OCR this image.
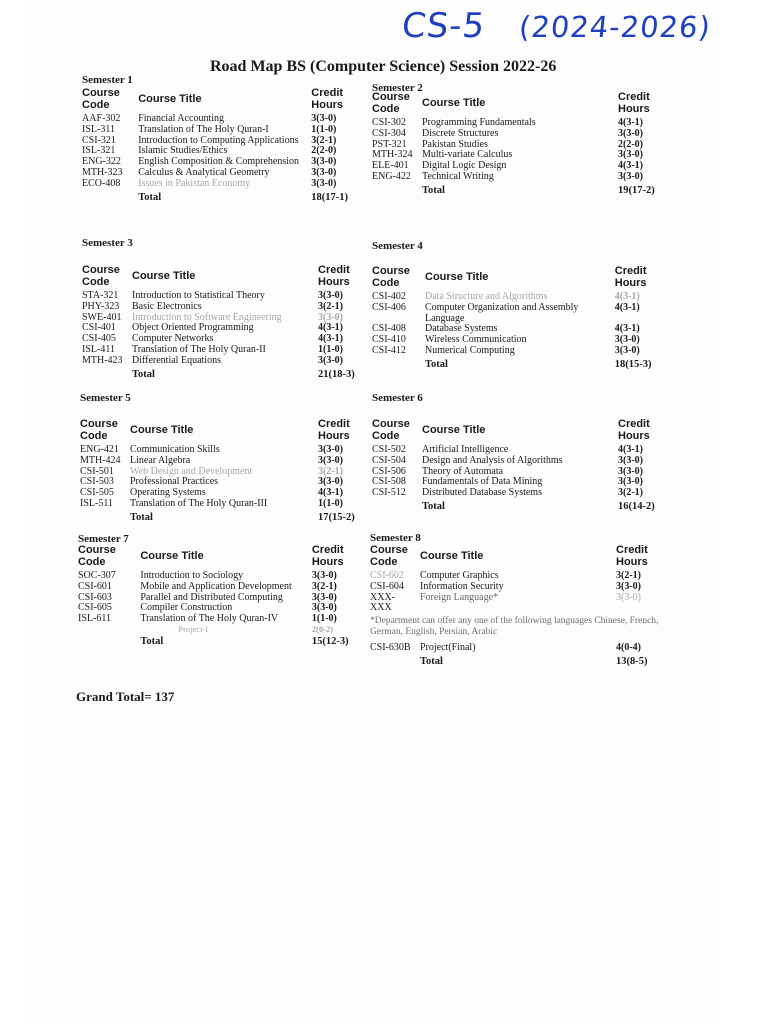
CS-5 (2024-2026)
Road Map BS (Computer Science) Session 2022-26
Semester 1
Course Code	Course Title	Credit Hours
AAF-302	Financial Accounting	3(3-0)
ISL-311	Translation of The Holy Quran-I	1(1-0)
CSI-321	Introduction to Computing Applications	3(2-1)
ISL-321	Islamic Studies/Ethics	2(2-0)
ENG-322	English Composition & Comprehension	3(3-0)
MTH-323	Calculus & Analytical Geometry	3(3-0)
ECO-408	Issues in Pakistan Economy	3(3-0)
	Total	18(17-1)
Semester 2
Course Code	Course Title	Credit Hours
CSI-302	Programming Fundamentals	4(3-1)
CSI-304	Discrete Structures	3(3-0)
PST-321	Pakistan Studies	2(2-0)
MTH-324	Multi-variate Calculus	3(3-0)
ELE-401	Digital Logic Design	4(3-1)
ENG-422	Technical Writing	3(3-0)
	Total	19(17-2)
Semester 3
Course Code	Course Title	Credit Hours
STA-321	Introduction to Statistical Theory	3(3-0)
PHY-323	Basic Electronics	3(2-1)
SWE-401	Introduction to Software Engineering	3(3-0)
CSI-401	Object Oriented Programming	4(3-1)
CSI-405	Computer Networks	4(3-1)
ISL-411	Translation of The Holy Quran-II	1(1-0)
MTH-423	Differential Equations	3(3-0)
	Total	21(18-3)
Semester 4
Course Code	Course Title	Credit Hours
CSI-402	Data Structure and Algorithms	4(3-1)
CSI-406	Computer Organization and Assembly Language	4(3-1)
CSI-408	Database Systems	4(3-1)
CSI-410	Wireless Communication	3(3-0)
CSI-412	Numerical Computing	3(3-0)
	Total	18(15-3)
Semester 5
Course Code	Course Title	Credit Hours
ENG-421	Communication Skills	3(3-0)
MTH-424	Linear Algebra	3(3-0)
CSI-501	Web Design and Development	3(2-1)
CSI-503	Professional Practices	3(3-0)
CSI-505	Operating Systems	4(3-1)
ISL-511	Translation of The Holy Quran-III	1(1-0)
	Total	17(15-2)
Semester 6
Course Code	Course Title	Credit Hours
CSI-502	Artificial Intelligence	4(3-1)
CSI-504	Design and Analysis of Algorithms	3(3-0)
CSI-506	Theory of Automata	3(3-0)
CSI-508	Fundamentals of Data Mining	3(3-0)
CSI-512	Distributed Database Systems	3(2-1)
	Total	16(14-2)
Semester 7
Course Code	Course Title	Credit Hours
SOC-307	Introduction to Sociology	3(3-0)
CSI-601	Mobile and Application Development	3(2-1)
CSI-603	Parallel and Distributed Computing	3(3-0)
CSI-605	Compiler Construction	3(3-0)
ISL-611	Translation of The Holy Quran-IV	1(1-0)
	Project-I	2(0-2)
	Total	15(12-3)
Semester 8
Course Code	Course Title	Credit Hours
CSI-602	Computer Graphics	3(2-1)
CSI-604	Information Security	3(3-0)
XXX-XXX	Foreign Language*	3(3-0)
*Department can offer any one of the following languages Chinese, French, German, English, Persian, Arabic		
CSI-630B	Project(Final)	4(0-4)
	Total	13(8-5)
Grand Total= 137
